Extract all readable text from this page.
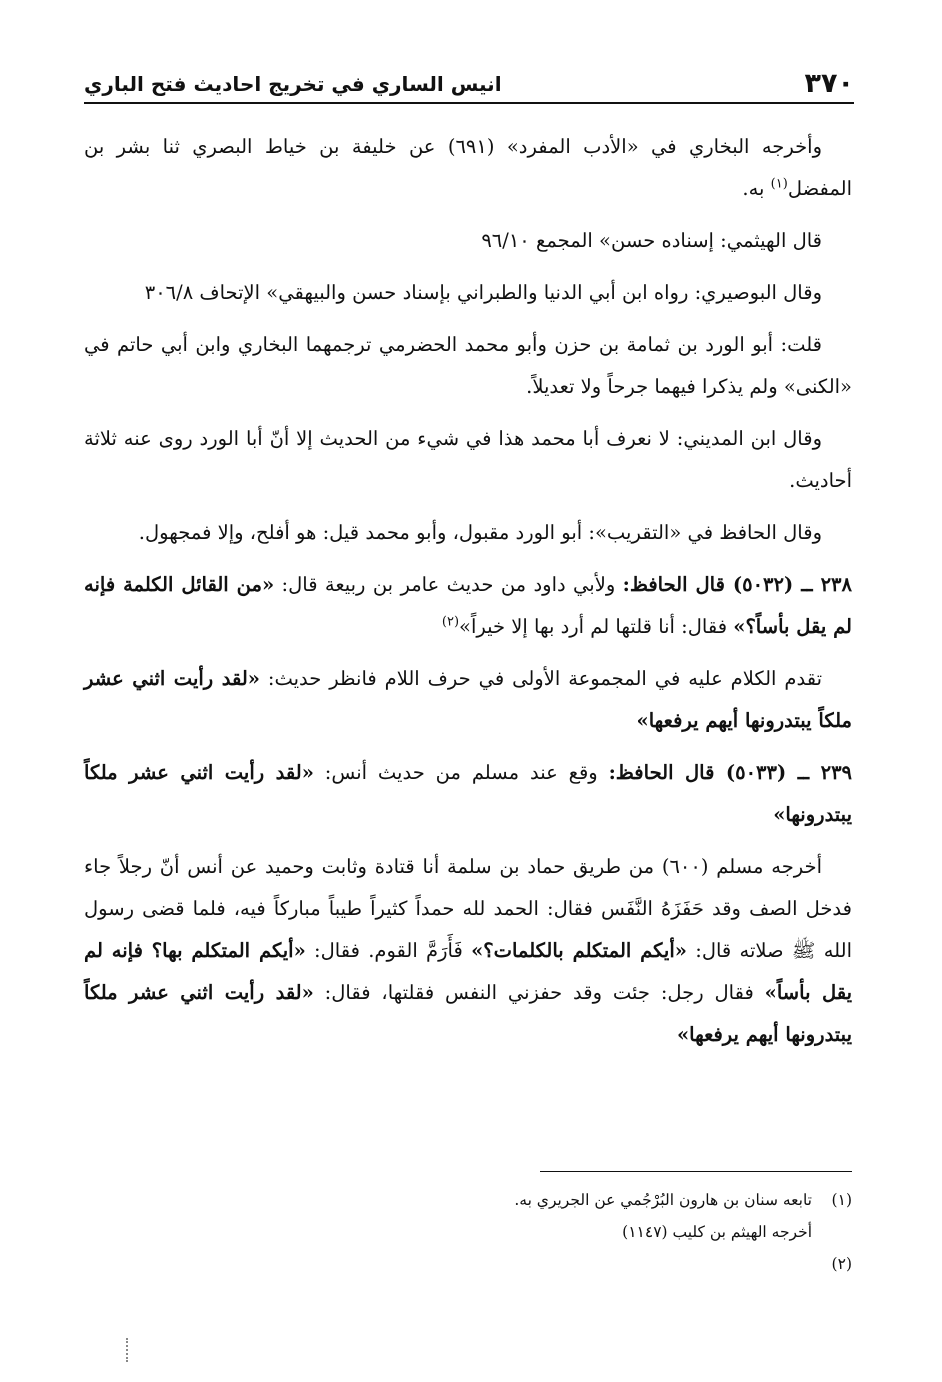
٣٧٠
انيس الساري في تخريج احاديث فتح الباري

وأخرجه البخاري في «الأدب المفرد» (٦٩١) عن خليفة بن خياط البصري ثنا بشر بن المفضل$^{(١)}$ به.

قال الهيثمي: إسناده حسن» المجمع ٩٦/١٠

وقال البوصيري: رواه ابن أبي الدنيا والطبراني بإسناد حسن والبيهقي» الإتحاف ٣٠٦/٨

قلت: أبو الورد بن ثمامة بن حزن وأبو محمد الحضرمي ترجمهما البخاري وابن أبي حاتم في «الكنى» ولم يذكرا فيهما جرحاً ولا تعديلاً.

وقال ابن المديني: لا نعرف أبا محمد هذا في شيء من الحديث إلا أنّ أبا الورد روى عنه ثلاثة أحاديث.

وقال الحافظ في «التقريب»: أبو الورد مقبول، وأبو محمد قيل: هو أفلح، وإلا فمجهول.

٢٣٨ ــ (٥٠٣٢) قال الحافظ: ولأبي داود من حديث عامر بن ربيعة قال: «من القائل الكلمة فإنه لم يقل بأساً؟» فقال: أنا قلتها لم أرد بها إلا خيراً»$^{(٢)}$

تقدم الكلام عليه في المجموعة الأولى في حرف اللام فانظر حديث: «لقد رأيت اثني عشر ملكاً يبتدرونها أيهم يرفعها»

٢٣٩ ــ (٥٠٣٣) قال الحافظ: وقع عند مسلم من حديث أنس: «لقد رأيت اثني عشر ملكاً يبتدرونها»

أخرجه مسلم (٦٠٠) من طريق حماد بن سلمة أنا قتادة وثابت وحميد عن أنس أنّ رجلاً جاء فدخل الصف وقد حَفَزَهُ النَّفَس فقال: الحمد لله حمداً كثيراً طيباً مباركاً فيه، فلما قضى رسول الله ﷺ صلاته قال: «أيكم المتكلم بالكلمات؟» فَأَرَمَّ القوم. فقال: «أيكم المتكلم بها؟ فإنه لم يقل بأساً» فقال رجل: جئت وقد حفزني النفس فقلتها، فقال: «لقد رأيت اثني عشر ملكاً يبتدرونها أيهم يرفعها»

(١)
تابعه سنان بن هارون البُرْجُمي عن الجريري به.
أخرجه الهيثم بن كليب (١١٤٧)
(٢)
